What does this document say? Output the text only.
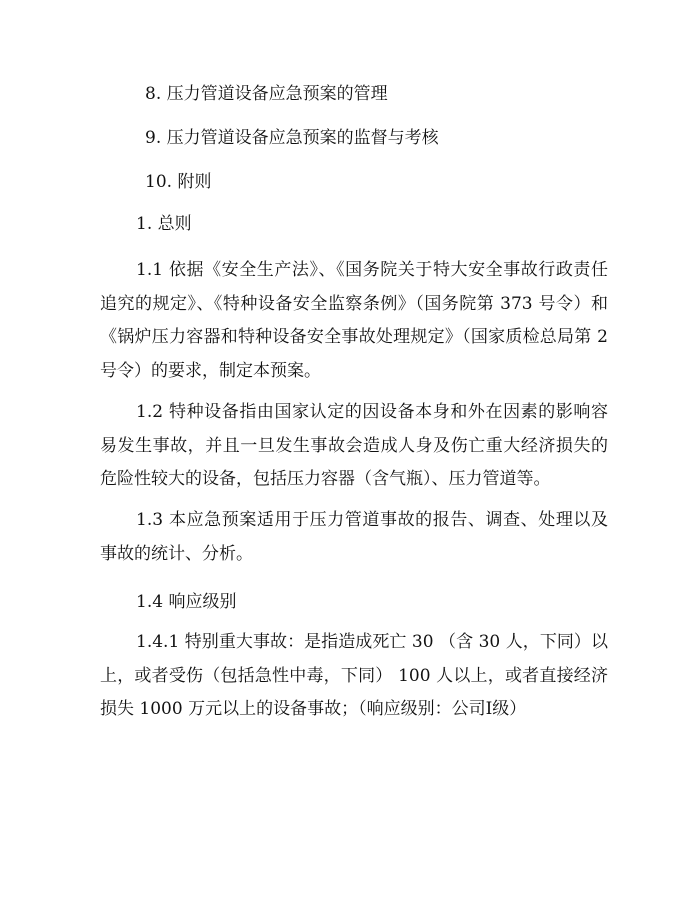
8. 压力管道设备应急预案的管理
9. 压力管道设备应急预案的监督与考核
10. 附则
1. 总则
1.1 依据《安全生产法》、《国务院关于特大安全事故行政责任追究的规定》、《特种设备安全监察条例》（国务院第 373 号令）和《锅炉压力容器和特种设备安全事故处理规定》（国家质检总局第 2 号令）的要求，制定本预案。
1.2 特种设备指由国家认定的因设备本身和外在因素的影响容易发生事故，并且一旦发生事故会造成人身及伤亡重大经济损失的危险性较大的设备，包括压力容器（含气瓶）、压力管道等。
1.3 本应急预案适用于压力管道事故的报告、调查、处理以及事故的统计、分析。
1.4 响应级别
1.4.1 特别重大事故：是指造成死亡 30 （含 30 人，下同）以上，或者受伤（包括急性中毒，下同） 100 人以上，或者直接经济损失 1000 万元以上的设备事故；（响应级别：公司Ⅰ级）
